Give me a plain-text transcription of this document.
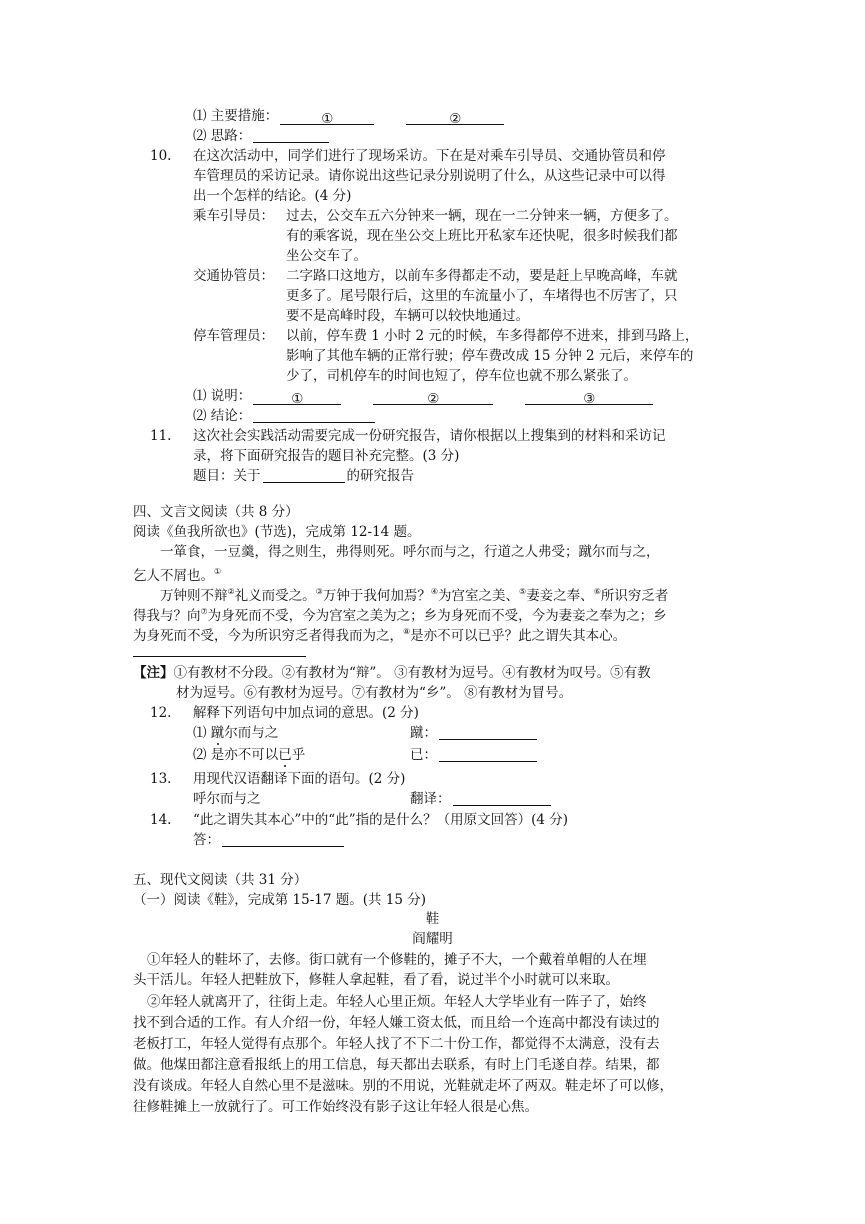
⑴ 主要措施：	①	②
⑵ 思路：
10. 在这次活动中，同学们进行了现场采访。下在是对乘车引导员、交通协管员和停
车管理员的采访记录。请你说出这些记录分别说明了什么，从这些记录中可以得
出一个怎样的结论。(4 分)
乘车引导员： 过去，公交车五六分钟来一辆，现在一二分钟来一辆，方便多了。
有的乘客说，现在坐公交上班比开私家车还快呢，很多时候我们都
坐公交车了。
交通协管员： 二字路口这地方，以前车多得都走不动，要是赶上早晚高峰，车就
更多了。尾号限行后，这里的车流量小了，车堵得也不厉害了，只
要不是高峰时段，车辆可以较快地通过。
停车管理员： 以前，停车费 1 小时 2 元的时候，车多得都停不进来，排到马路上，
影响了其他车辆的正常行驶；停车费改成 15 分钟 2 元后，来停车的
少了，司机停车的时间也短了，停车位也就不那么紧张了。
⑴ 说明：	①	②	③
⑵ 结论：
11. 这次社会实践活动需要完成一份研究报告，请你根据以上搜集到的材料和采访记
录，将下面研究报告的题目补充完整。(3 分)
题目：关于	的研究报告
四、文言文阅读（共 8 分）
阅读《鱼我所欲也》(节选)，完成第 12-14 题。
一箪食，一豆羹，得之则生，弗得则死。呼尔而与之，行道之人弗受；蹴尔而与之，
乞人不屑也。①
万钟则不辩②礼义而受之。③万钟于我何加焉？④为宫室之美、⑤妻妾之奉、⑥所识穷乏者
得我与？向⑦为身死而不受，今为宫室之美为之；乡为身死而不受，今为妻妾之奉为之；乡
为身死而不受，今为所识穷乏者得我而为之，⑧是亦不可以已乎？此之谓失其本心。
【注】①有教材不分段。②有教材为“辩”。 ③有教材为逗号。④有教材为叹号。⑤有教
材为逗号。⑥有教材为逗号。⑦有教材为“乡”。 ⑧有教材为冒号。
12. 解释下列语句中加点词的意思。(2 分)
⑴ 蹴尔而与之	蹴：
⑵ 是亦不可以已乎	已：
13. 用现代汉语翻译下面的语句。(2 分)
呼尔而与之	翻译：
14. “此之谓失其本心”中的“此”指的是什么？（用原文回答）(4 分)
答：
五、现代文阅读（共 31 分）
（一）阅读《鞋》，完成第 15-17 题。(共 15 分)
鞋
阎耀明
①年轻人的鞋坏了，去修。街口就有一个修鞋的，摊子不大，一个戴着单帽的人在埋
头干活儿。年轻人把鞋放下，修鞋人拿起鞋，看了看，说过半个小时就可以来取。
②年轻人就离开了，往街上走。年轻人心里正烦。年轻人大学毕业有一阵子了，始终
找不到合适的工作。有人介绍一份，年轻人嫌工资太低，而且给一个连高中都没有读过的
老板打工，年轻人觉得有点那个。年轻人找了不下二十份工作，都觉得不太满意，没有去
做。他煤田都注意看报纸上的用工信息，每天都出去联系，有时上门毛遂自荐。结果，都
没有谈成。年轻人自然心里不是滋味。别的不用说，光鞋就走坏了两双。鞋走坏了可以修，
往修鞋摊上一放就行了。可工作始终没有影子这让年轻人很是心焦。
